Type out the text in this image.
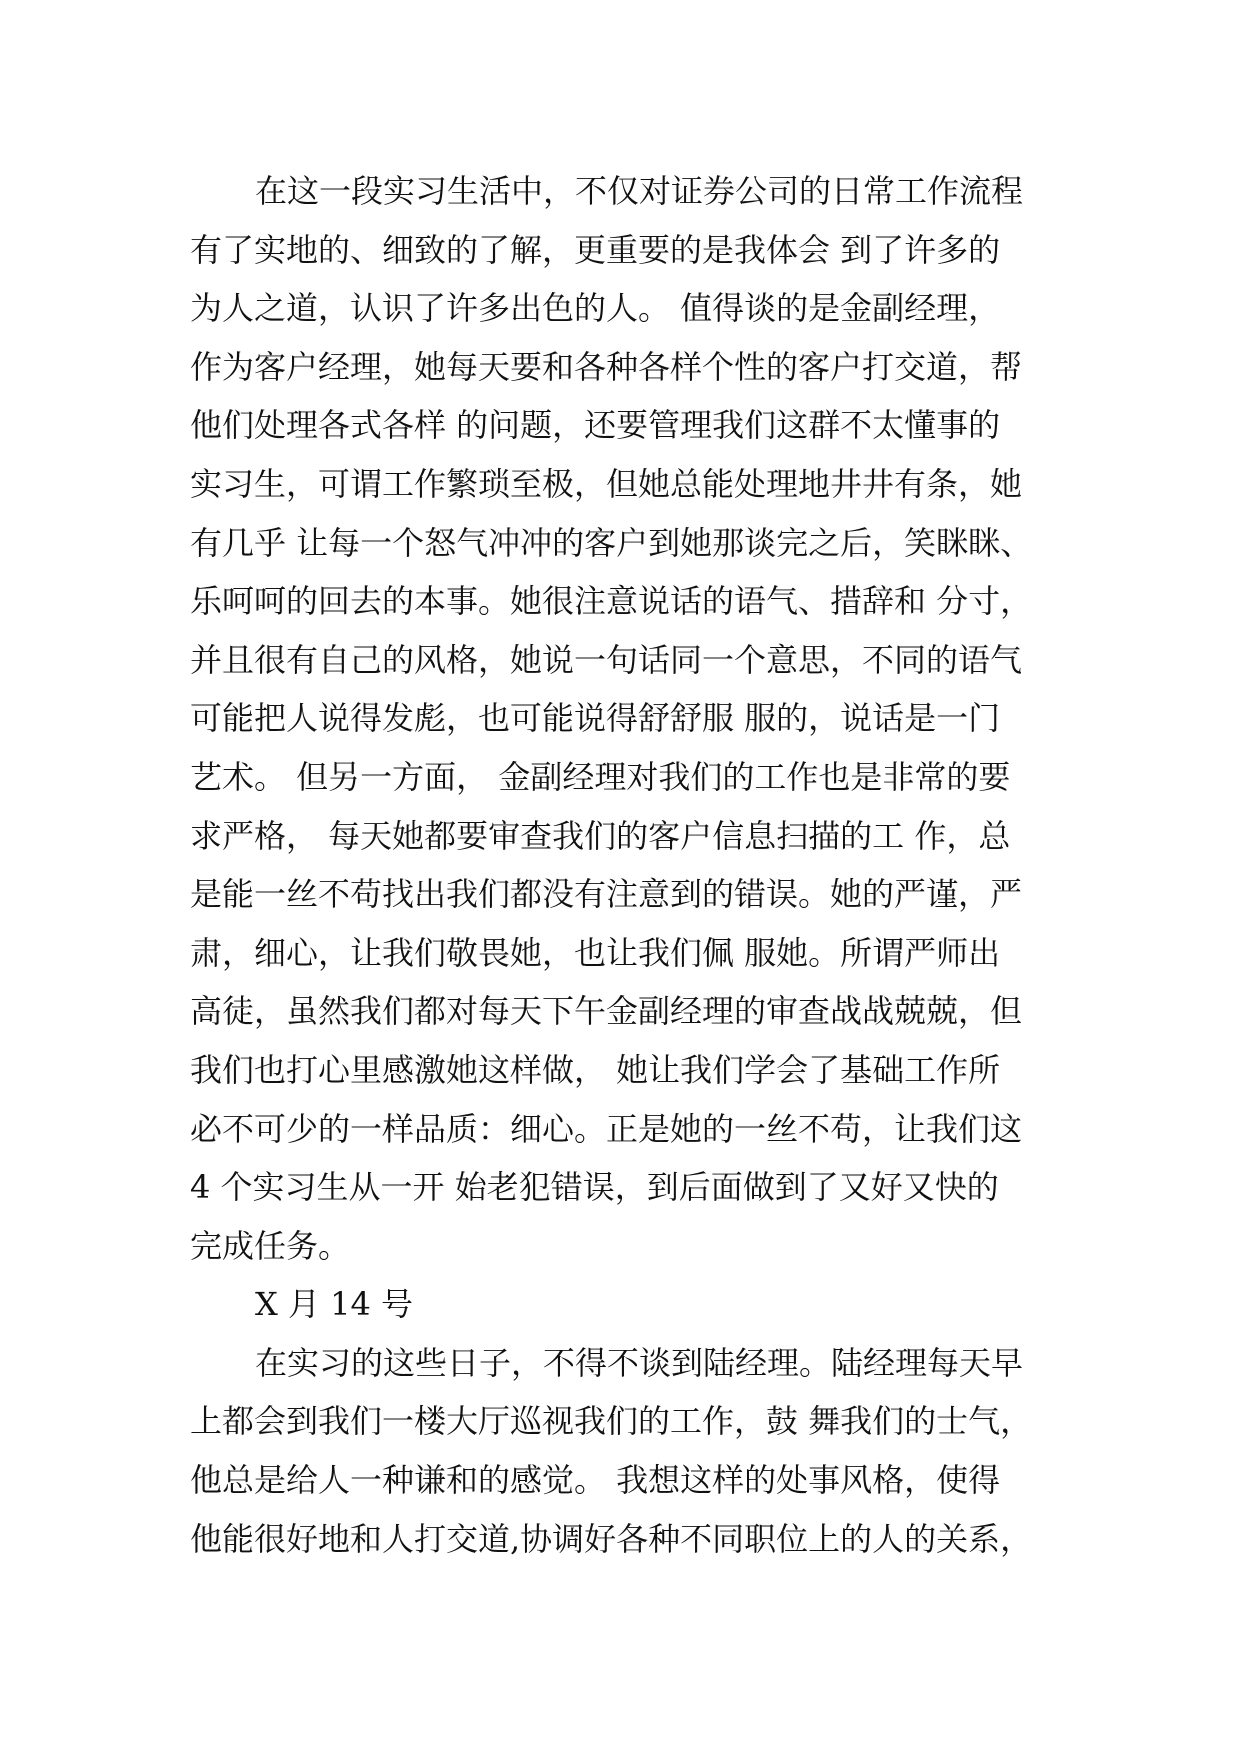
在这一段实习生活中，不仅对证券公司的日常工作流程
有了实地的、细致的了解，更重要的是我体会 到了许多的
为人之道，认识了许多出色的人。 值得谈的是金副经理，
作为客户经理，她每天要和各种各样个性的客户打交道，帮
他们处理各式各样 的问题，还要管理我们这群不太懂事的
实习生，可谓工作繁琐至极，但她总能处理地井井有条，她
有几乎 让每一个怒气冲冲的客户到她那谈完之后，笑眯眯、
乐呵呵的回去的本事。她很注意说话的语气、措辞和 分寸，
并且很有自己的风格，她说一句话同一个意思，不同的语气
可能把人说得发彪，也可能说得舒舒服 服的，说话是一门
艺术。 但另一方面， 金副经理对我们的工作也是非常的要
求严格， 每天她都要审查我们的客户信息扫描的工 作，总
是能一丝不苟找出我们都没有注意到的错误。她的严谨，严
肃，细心，让我们敬畏她，也让我们佩 服她。所谓严师出
高徒，虽然我们都对每天下午金副经理的审查战战兢兢，但
我们也打心里感激她这样做， 她让我们学会了基础工作所
必不可少的一样品质：细心。正是她的一丝不苟，让我们这
4 个实习生从一开 始老犯错误，到后面做到了又好又快的
完成任务。
X 月 14 号
在实习的这些日子，不得不谈到陆经理。陆经理每天早
上都会到我们一楼大厅巡视我们的工作，鼓 舞我们的士气，
他总是给人一种谦和的感觉。 我想这样的处事风格，使得
他能很好地和人打交道,协调好各种不同职位上的人的关系，
